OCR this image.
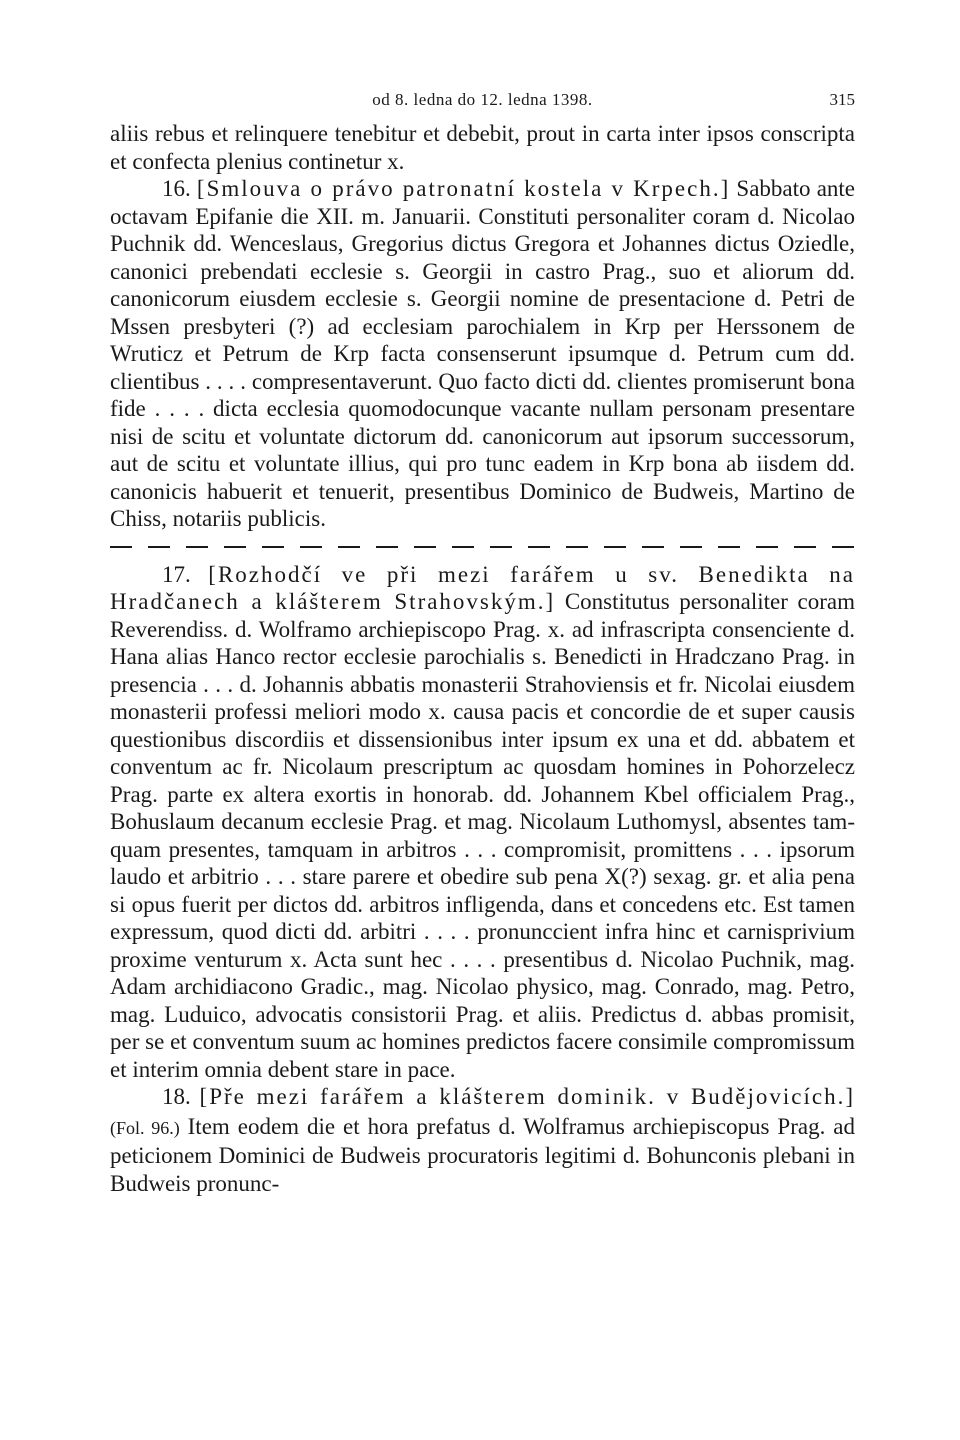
od 8. ledna do 12. ledna 1398.	315

aliis rebus et relinquere tenebitur et debebit, prout in carta inter ipsos conscripta et confecta plenius continetur x.

16. [Smlouva o právo patronatní kostela v Krpech.] Sabbato ante octavam Epifanie die XII. m. Januarii. Constituti personaliter coram d. Nicolao Puchnik dd. Wenceslaus, Gregorius dictus Gregora et Johannes dictus Oziedle, canonici prebendati ecclesie s. Georgii in castro Prag., suo et aliorum dd. canonicorum eiusdem ecclesie s. Georgii nomine de presentacione d. Petri de Mssen presbyteri (?) ad ecclesiam parochialem in Krp per Herssonem de Wruticz et Petrum de Krp facta consenserunt ipsumque d. Petrum cum dd. clientibus . . . . compresentaverunt. Quo facto dicti dd. clientes promiserunt bona fide . . . . dicta ecclesia quomodocunque vacante nullam personam presentare nisi de scitu et voluntate dictorum dd. canonicorum aut ipsorum successorum, aut de scitu et voluntate illius, qui pro tunc eadem in Krp bona ab iisdem dd. canonicis habuerit et tenuerit, presentibus Dominico de Budweis, Martino de Chiss, notariis publicis.

17. [Rozhodčí ve při mezi farářem u sv. Benedikta na Hradčanech a klášterem Strahovským.] Constitutus personaliter coram Reverendiss. d. Wolframo archiepiscopo Prag. x. ad infrascripta consenciente d. Hana alias Hanco rector ecclesie parochialis s. Benedicti in Hradczano Prag. in presencia . . . d. Johannis abbatis monasterii Strahoviensis et fr. Nicolai eiusdem monasterii professi meliori modo x. causa pacis et concordie de et super causis questionibus discordiis et dissensionibus inter ipsum ex una et dd. abbatem et conventum ac fr. Nicolaum prescriptum ac quosdam homines in Pohorzelecz Prag. parte ex altera exortis in honorab. dd. Johannem Kbel officialem Prag., Bohuslaum decanum ecclesie Prag. et mag. Nicolaum Luthomysl, absentes tamquam presentes, tamquam in arbitros . . . compromisit, promittens . . . ipsorum laudo et arbitrio . . . stare parere et obedire sub pena X(?) sexag. gr. et alia pena si opus fuerit per dictos dd. arbitros infligenda, dans et concedens etc. Est tamen expressum, quod dicti dd. arbitri . . . . pronunccient infra hinc et carnisprivium proxime venturum x. Acta sunt hec . . . . presentibus d. Nicolao Puchnik, mag. Adam archidiacono Gradic., mag. Nicolao physico, mag. Conrado, mag. Petro, mag. Luduico, advocatis consistorii Prag. et aliis. Predictus d. abbas promisit, per se et conventum suum ac homines predictos facere consimile compromissum et interim omnia debent stare in pace.

18. [Pře mezi farářem a klášterem dominik. v Budějovicích.] (Fol. 96.) Item eodem die et hora prefatus d. Wolframus archiepiscopus Prag. ad peticionem Dominici de Budweis procuratoris legitimi d. Bohunconis plebani in Budweis pronunc-
